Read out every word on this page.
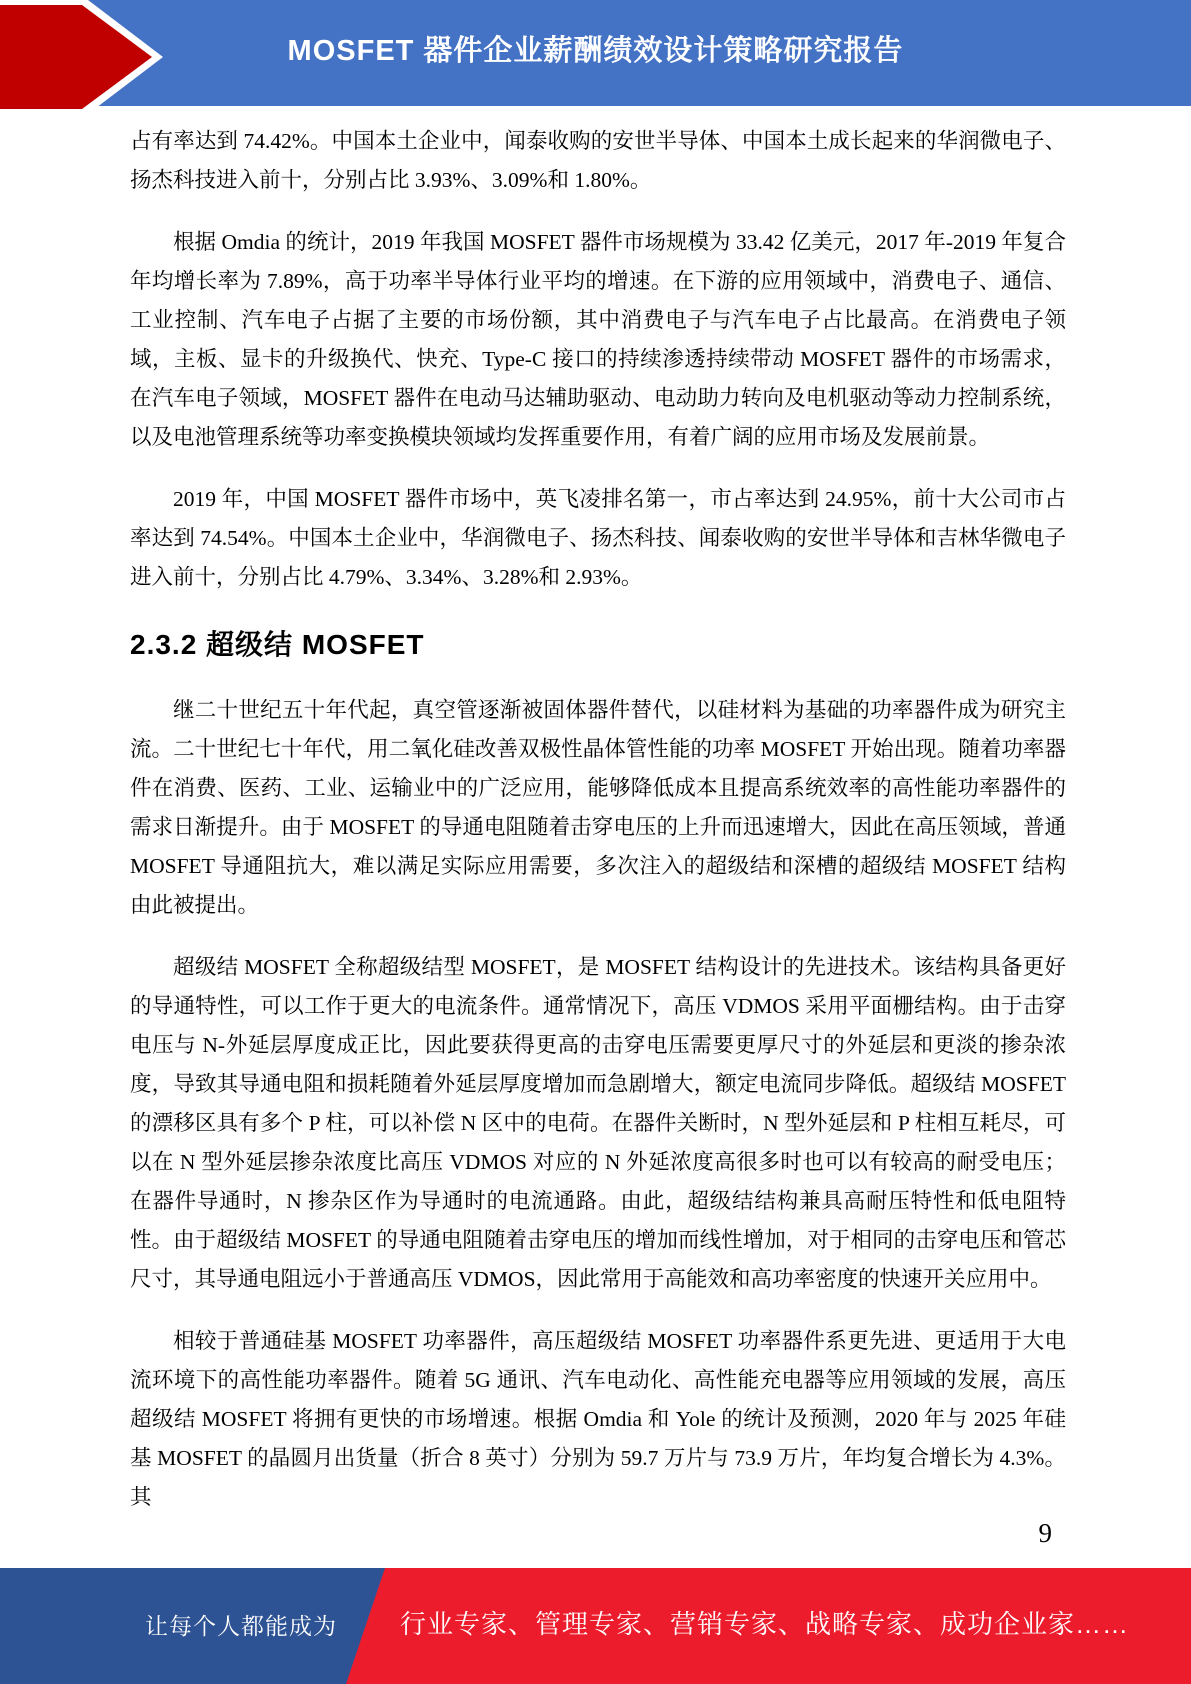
MOSFET 器件企业薪酬绩效设计策略研究报告

占有率达到 74.42%。中国本土企业中，闻泰收购的安世半导体、中国本土成长起来的华润微电子、扬杰科技进入前十，分别占比 3.93%、3.09%和 1.80%。

根据 Omdia 的统计，2019 年我国 MOSFET 器件市场规模为 33.42 亿美元，2017 年-2019 年复合年均增长率为 7.89%，高于功率半导体行业平均的增速。在下游的应用领域中，消费电子、通信、工业控制、汽车电子占据了主要的市场份额，其中消费电子与汽车电子占比最高。在消费电子领域，主板、显卡的升级换代、快充、Type-C 接口的持续渗透持续带动 MOSFET 器件的市场需求，在汽车电子领域，MOSFET 器件在电动马达辅助驱动、电动助力转向及电机驱动等动力控制系统，以及电池管理系统等功率变换模块领域均发挥重要作用，有着广阔的应用市场及发展前景。

2019 年，中国 MOSFET 器件市场中，英飞凌排名第一，市占率达到 24.95%，前十大公司市占率达到 74.54%。中国本土企业中，华润微电子、扬杰科技、闻泰收购的安世半导体和吉林华微电子进入前十，分别占比 4.79%、3.34%、3.28%和 2.93%。

2.3.2 超级结 MOSFET

继二十世纪五十年代起，真空管逐渐被固体器件替代，以硅材料为基础的功率器件成为研究主流。二十世纪七十年代，用二氧化硅改善双极性晶体管性能的功率 MOSFET 开始出现。随着功率器件在消费、医药、工业、运输业中的广泛应用，能够降低成本且提高系统效率的高性能功率器件的需求日渐提升。由于 MOSFET 的导通电阻随着击穿电压的上升而迅速增大，因此在高压领域，普通 MOSFET 导通阻抗大，难以满足实际应用需要，多次注入的超级结和深槽的超级结 MOSFET 结构由此被提出。

超级结 MOSFET 全称超级结型 MOSFET，是 MOSFET 结构设计的先进技术。该结构具备更好的导通特性，可以工作于更大的电流条件。通常情况下，高压 VDMOS 采用平面栅结构。由于击穿电压与 N-外延层厚度成正比，因此要获得更高的击穿电压需要更厚尺寸的外延层和更淡的掺杂浓度，导致其导通电阻和损耗随着外延层厚度增加而急剧增大，额定电流同步降低。超级结 MOSFET 的漂移区具有多个 P 柱，可以补偿 N 区中的电荷。在器件关断时，N 型外延层和 P 柱相互耗尽，可以在 N 型外延层掺杂浓度比高压 VDMOS 对应的 N 外延浓度高很多时也可以有较高的耐受电压；在器件导通时，N 掺杂区作为导通时的电流通路。由此，超级结结构兼具高耐压特性和低电阻特性。由于超级结 MOSFET 的导通电阻随着击穿电压的增加而线性增加，对于相同的击穿电压和管芯尺寸，其导通电阻远小于普通高压 VDMOS，因此常用于高能效和高功率密度的快速开关应用中。

相较于普通硅基 MOSFET 功率器件，高压超级结 MOSFET 功率器件系更先进、更适用于大电流环境下的高性能功率器件。随着 5G 通讯、汽车电动化、高性能充电器等应用领域的发展，高压超级结 MOSFET 将拥有更快的市场增速。根据 Omdia 和 Yole 的统计及预测，2020 年与 2025 年硅基 MOSFET 的晶圆月出货量（折合 8 英寸）分别为 59.7 万片与 73.9 万片，年均复合增长为 4.3%。其

9
让每个人都能成为 行业专家、管理专家、营销专家、战略专家、成功企业家……
